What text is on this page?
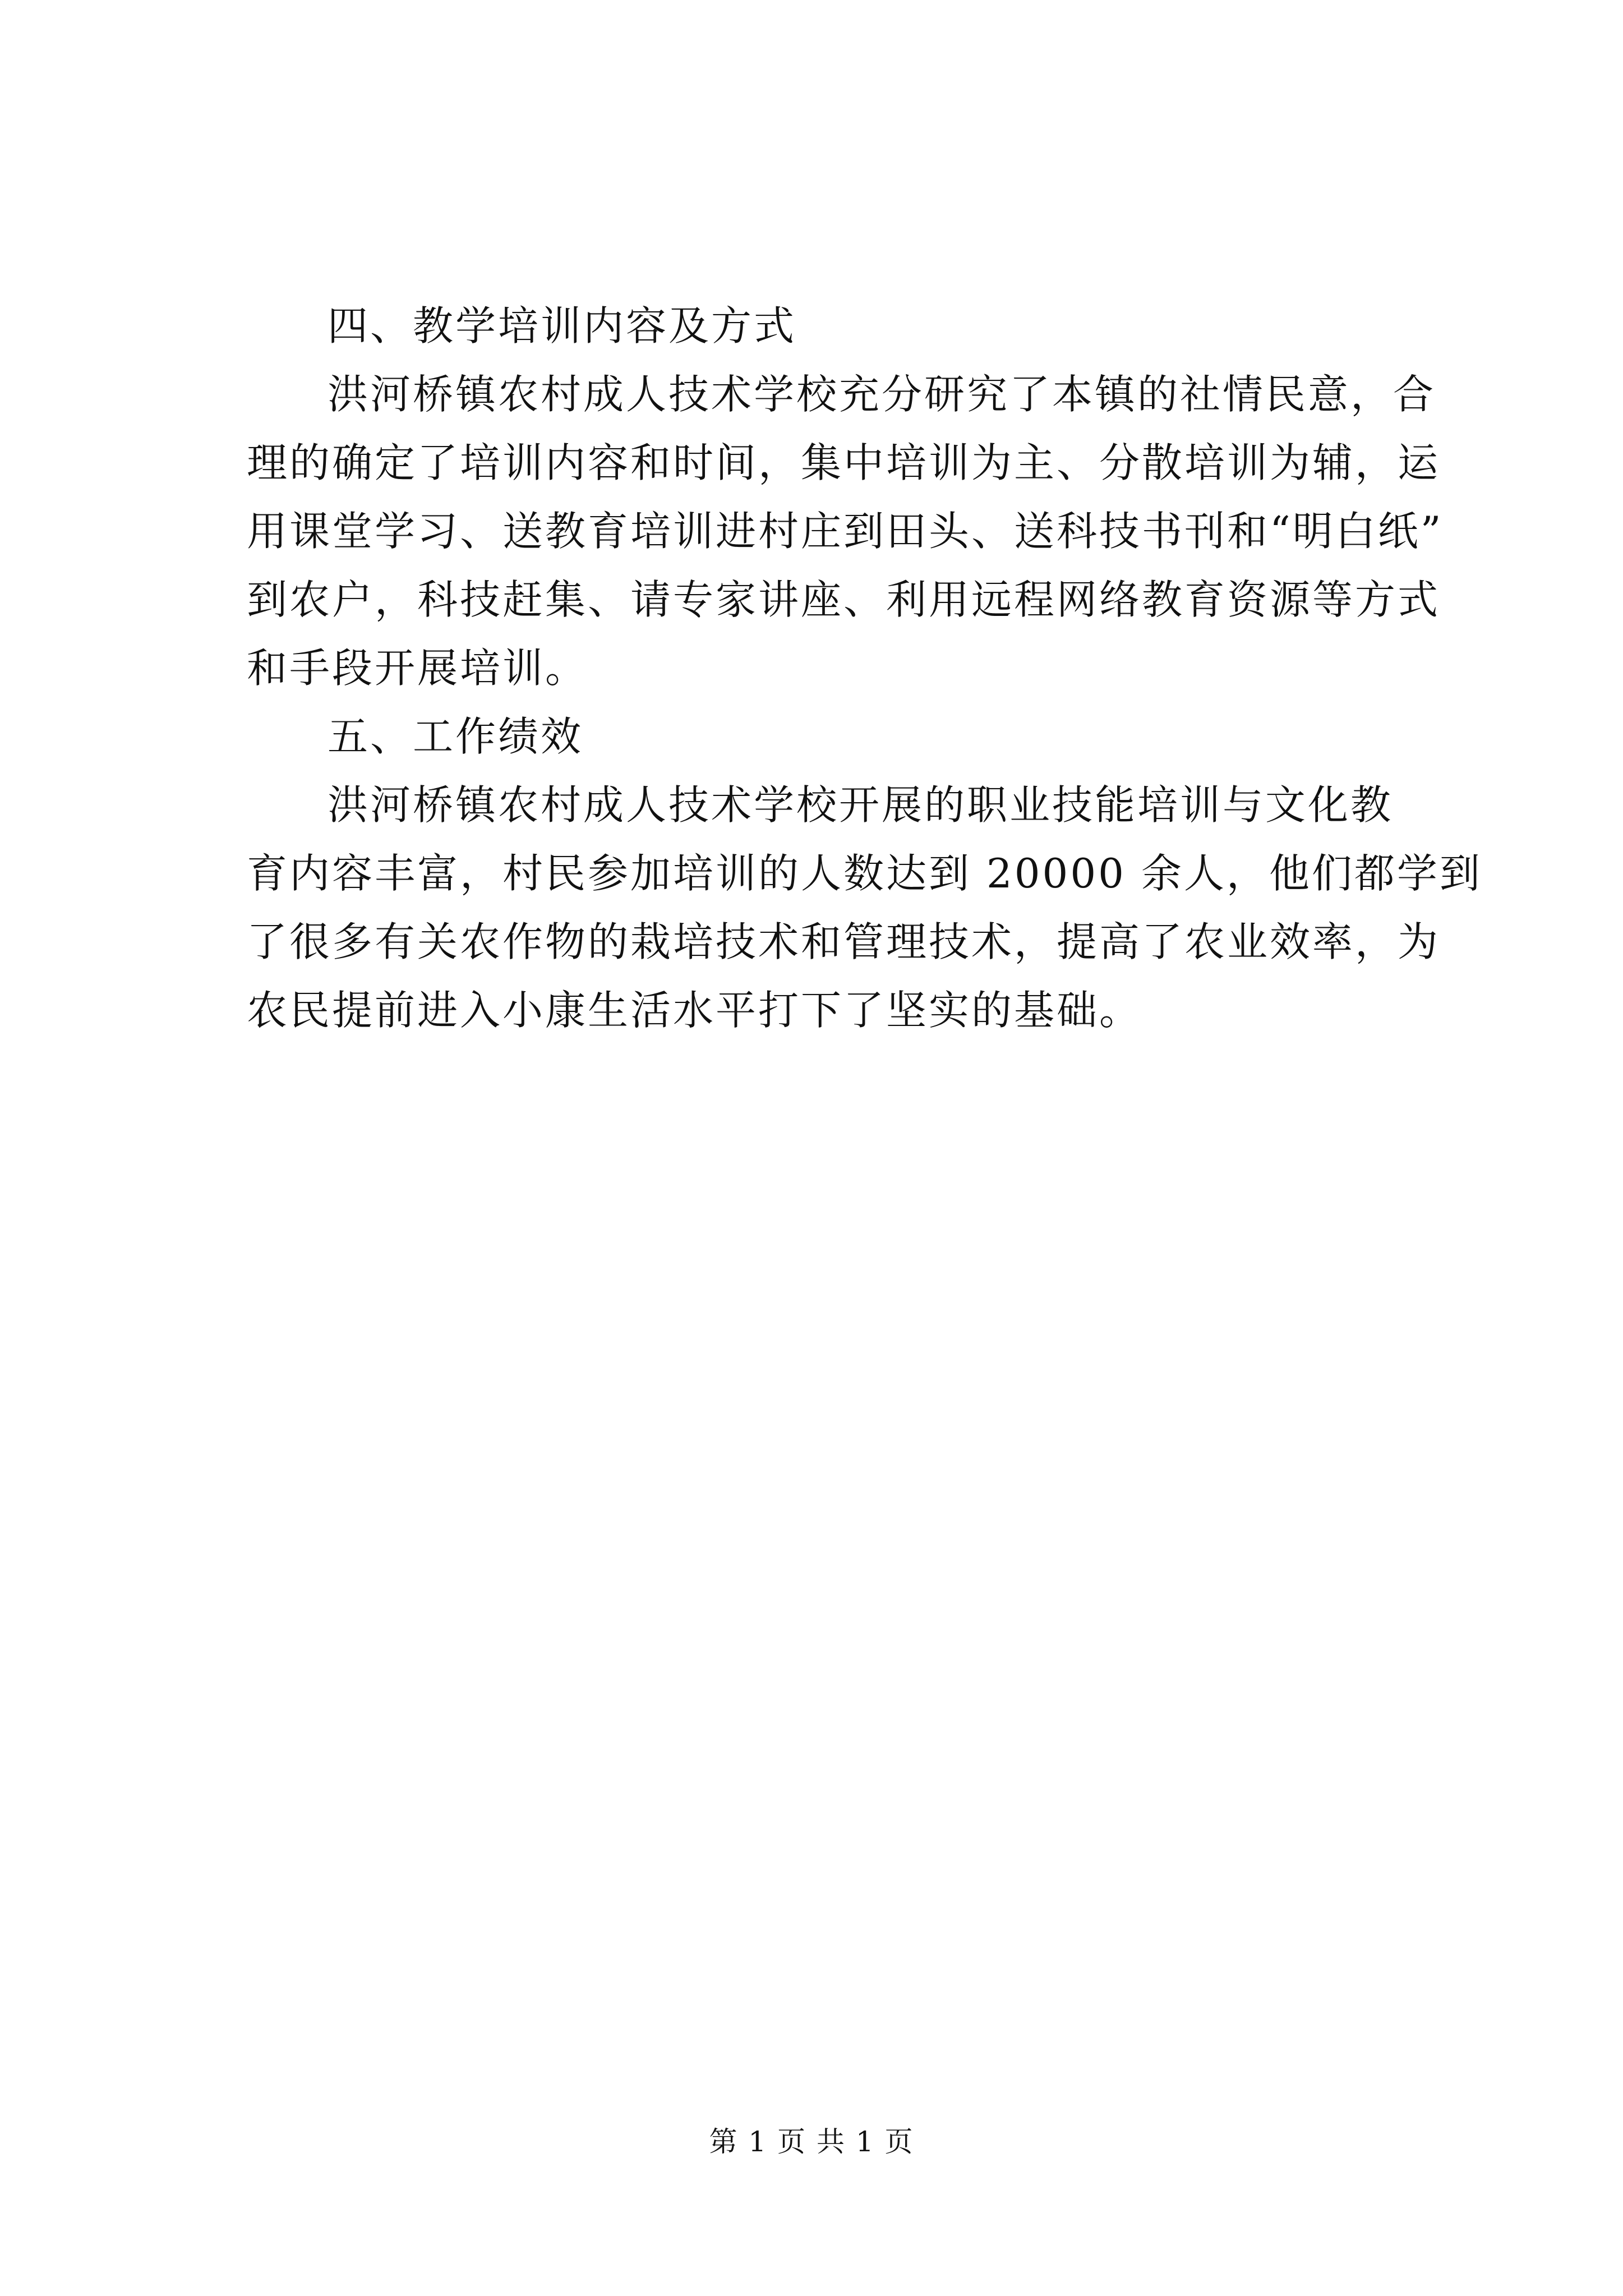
四、教学培训内容及方式
洪河桥镇农村成人技术学校充分研究了本镇的社情民意，合
理的确定了培训内容和时间，集中培训为主、分散培训为辅，运
用课堂学习、送教育培训进村庄到田头、送科技书刊和“明白纸”
到农户，科技赶集、请专家讲座、利用远程网络教育资源等方式
和手段开展培训。
五、工作绩效
洪河桥镇农村成人技术学校开展的职业技能培训与文化教
育内容丰富，村民参加培训的人数达到 20000 余人，他们都学到
了很多有关农作物的栽培技术和管理技术，提高了农业效率，为
农民提前进入小康生活水平打下了坚实的基础。
第 1 页 共 1 页
